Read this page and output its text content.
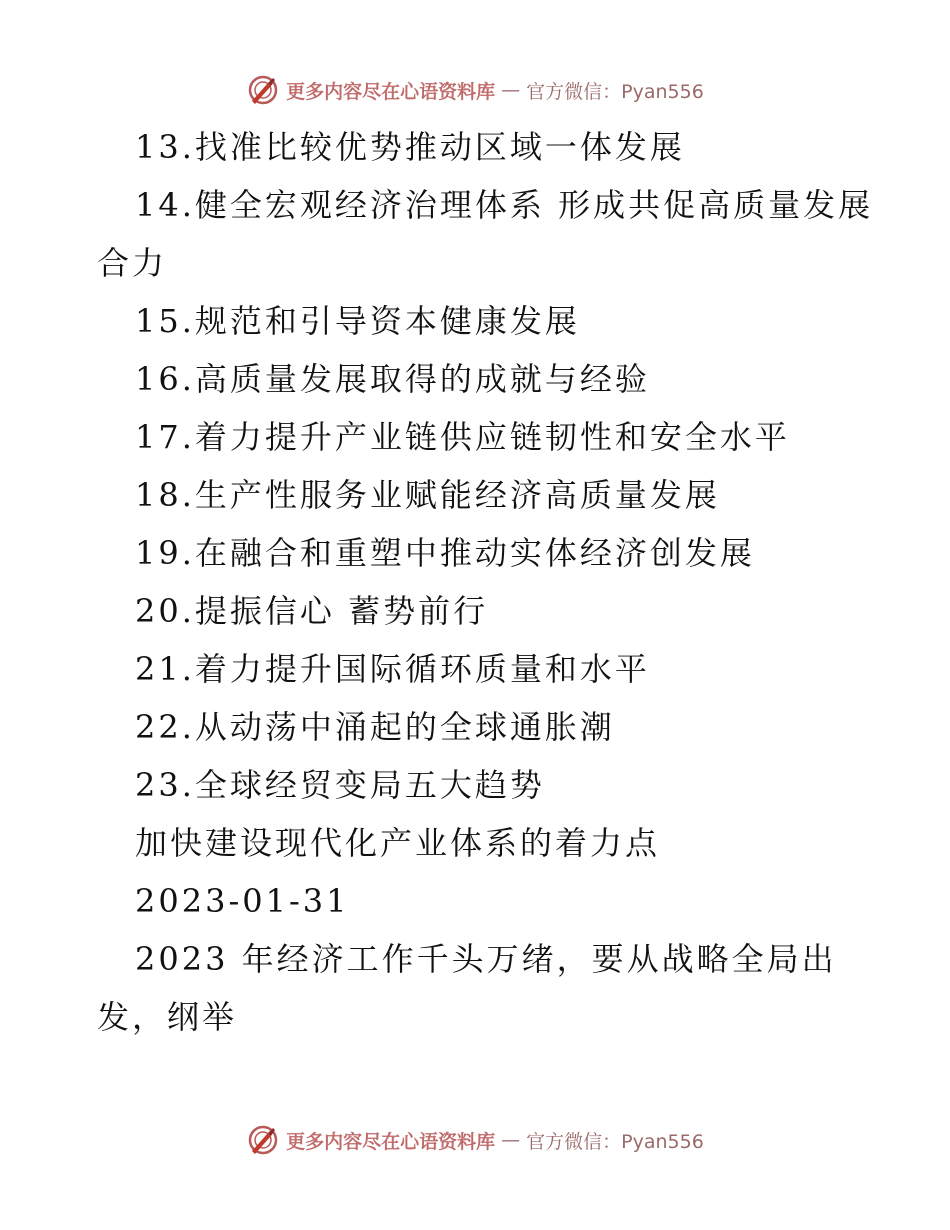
更多内容尽在心语资料库 — 官方微信：Pyan556
13.找准比较优势推动区域一体发展
14.健全宏观经济治理体系 形成共促高质量发展
合力
15.规范和引导资本健康发展
16.高质量发展取得的成就与经验
17.着力提升产业链供应链韧性和安全水平
18.生产性服务业赋能经济高质量发展
19.在融合和重塑中推动实体经济创发展
20.提振信心 蓄势前行
21.着力提升国际循环质量和水平
22.从动荡中涌起的全球通胀潮
23.全球经贸变局五大趋势
加快建设现代化产业体系的着力点
2023-01-31
2023 年经济工作千头万绪，要从战略全局出
发，纲举
更多内容尽在心语资料库 — 官方微信：Pyan556
